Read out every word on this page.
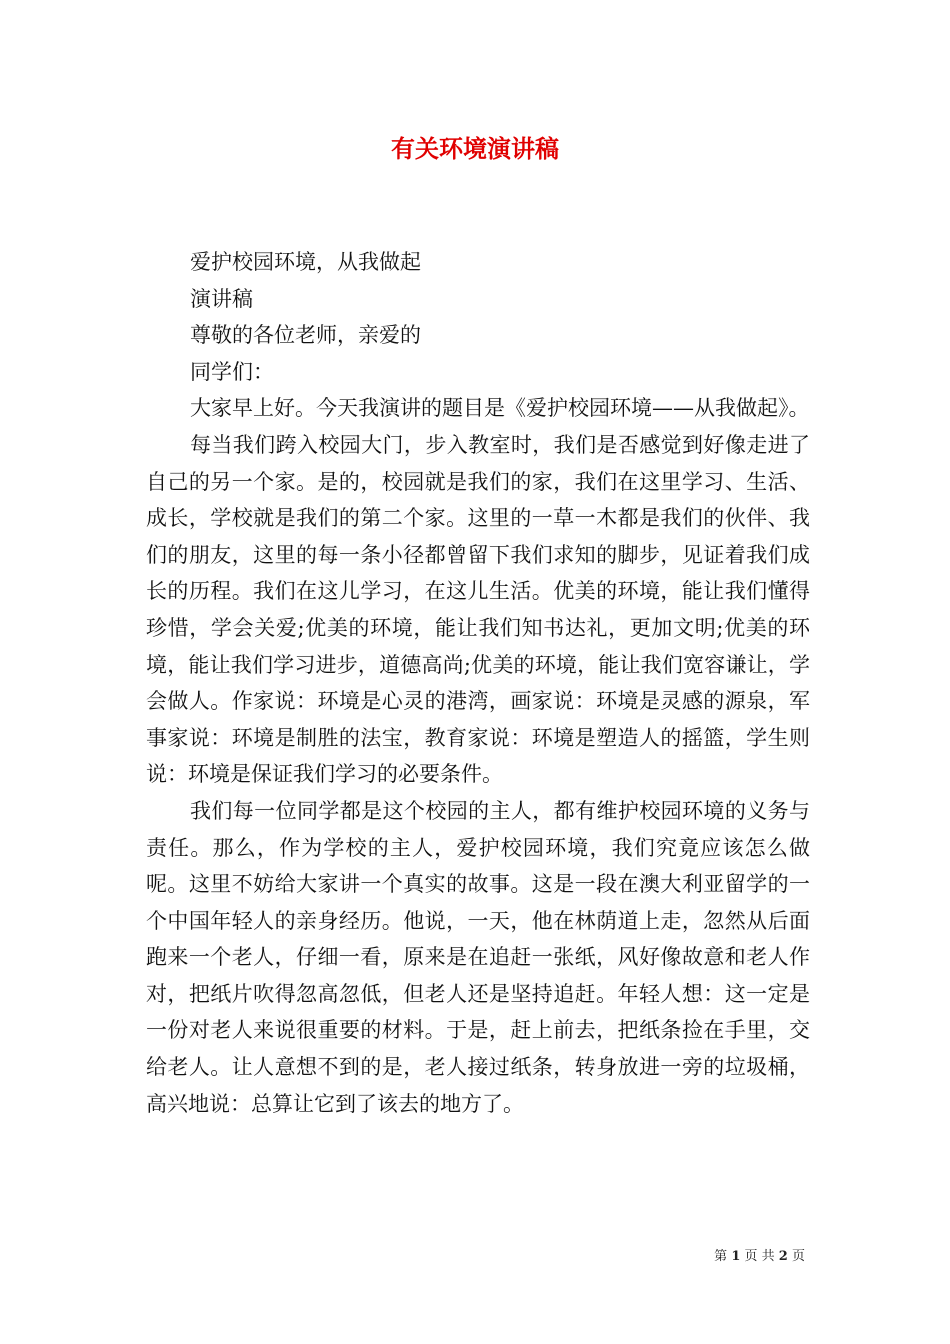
有关环境演讲稿

爱护校园环境，从我做起

演讲稿

尊敬的各位老师，亲爱的

同学们：

大家早上好。今天我演讲的题目是《爱护校园环境——从我做起》。

每当我们跨入校园大门，步入教室时，我们是否感觉到好像走进了自己的另一个家。是的，校园就是我们的家，我们在这里学习、生活、成长，学校就是我们的第二个家。这里的一草一木都是我们的伙伴、我们的朋友，这里的每一条小径都曾留下我们求知的脚步，见证着我们成长的历程。我们在这儿学习，在这儿生活。优美的环境，能让我们懂得珍惜，学会关爱;优美的环境，能让我们知书达礼，更加文明;优美的环境，能让我们学习进步，道德高尚;优美的环境，能让我们宽容谦让，学会做人。作家说：环境是心灵的港湾，画家说：环境是灵感的源泉，军事家说：环境是制胜的法宝，教育家说：环境是塑造人的摇篮，学生则说：环境是保证我们学习的必要条件。

我们每一位同学都是这个校园的主人，都有维护校园环境的义务与责任。那么，作为学校的主人，爱护校园环境，我们究竟应该怎么做呢。这里不妨给大家讲一个真实的故事。这是一段在澳大利亚留学的一个中国年轻人的亲身经历。他说，一天，他在林荫道上走，忽然从后面跑来一个老人，仔细一看，原来是在追赶一张纸，风好像故意和老人作对，把纸片吹得忽高忽低，但老人还是坚持追赶。年轻人想：这一定是一份对老人来说很重要的材料。于是，赶上前去，把纸条捡在手里，交给老人。让人意想不到的是，老人接过纸条，转身放进一旁的垃圾桶，高兴地说：总算让它到了该去的地方了。

第 1 页 共 2 页
